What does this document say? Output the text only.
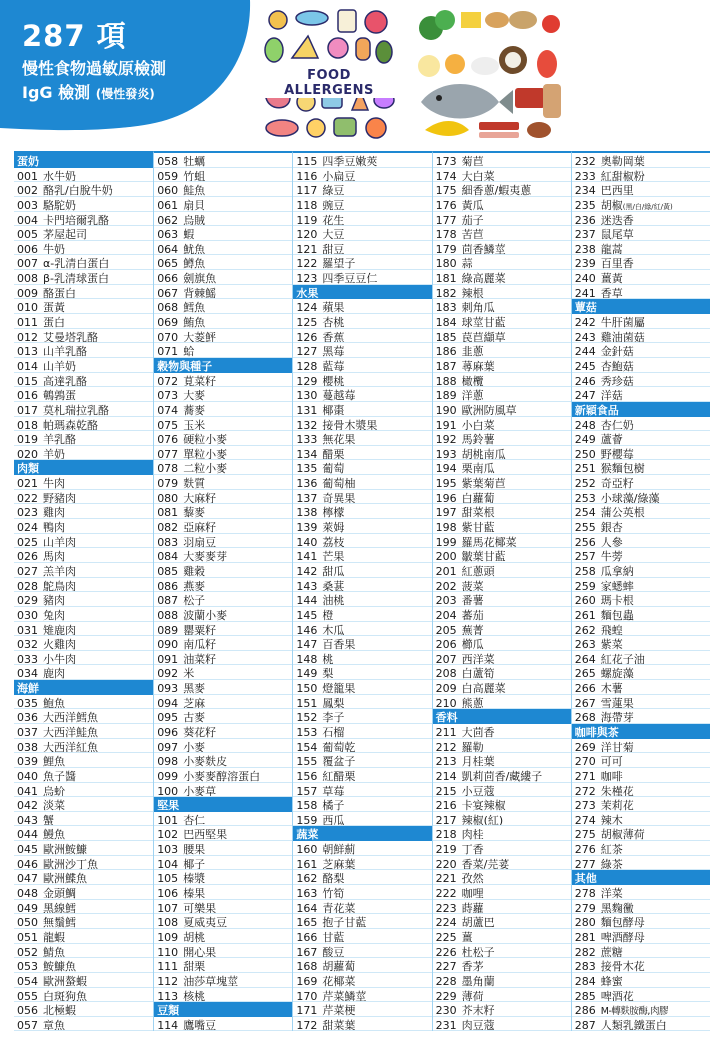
287 項
慢性食物過敏原檢測
IgG 檢測 (慢性發炎)
FOOD ALLERGENS
蛋奶
001 水牛奶
002 酪乳/白脫牛奶
003 駱駝奶
004 卡門培爾乳酪
005 茅屋起司
006 牛奶
007 α-乳清白蛋白
008 β-乳清球蛋白
009 酪蛋白
010 蛋黃
011 蛋白
012 艾曼塔乳酪
013 山羊乳酪
014 山羊奶
015 高達乳酪
016 鵪鶉蛋
017 莫札瑞拉乳酪
018 帕瑪森乾酪
019 羊乳酪
020 羊奶
肉類
021 牛肉
022 野豬肉
023 雞肉
024 鴨肉
025 山羊肉
026 馬肉
027 羔羊肉
028 鴕鳥肉
029 豬肉
030 兔肉
031 雉鹿肉
032 火雞肉
033 小牛肉
034 鹿肉
海鮮
035 鮑魚
036 大西洋鱈魚
037 大西洋鮭魚
038 大西洋紅魚
039 鯉魚
040 魚子醬
041 烏蚧
042 淡菜
043 蟹
044 鰻魚
045 歐洲鮟鱇
046 歐洲沙丁魚
047 歐洲鰈魚
048 金頭鯛
049 黑線鱈
050 無鬚鱈
051 龍蝦
052 鯖魚
053 鮟鱇魚
054 歐洲螯蝦
055 白斑狗魚
056 北極蝦
057 章魚
058 牡蠣
059 竹蛆
060 鮭魚
061 扇貝
062 烏賊
063 蝦
064 魷魚
065 鱒魚
066 劍旗魚
067 背棘鰩
068 鱈魚
069 鮪魚
070 大菱鮃
071 蛤
穀物與種子
072 莧菜籽
073 大麥
074 蕎麥
075 玉米
076 硬粒小麥
077 單粒小麥
078 二粒小麥
079 麩質
080 大麻籽
081 藜麥
082 亞麻籽
083 羽扇豆
084 大麥麥芽
085 雞穀
086 燕麥
087 松子
088 波蘭小麥
089 罌粟籽
090 南瓜籽
091 油菜籽
092 米
093 黑麥
094 芝麻
095 古麥
096 葵花籽
097 小麥
098 小麥麩皮
099 小麥麥醇溶蛋白
100 小麥草
堅果
101 杏仁
102 巴西堅果
103 腰果
104 椰子
105 榛漿
106 榛果
107 可樂果
108 夏威夷豆
109 胡桃
110 開心果
111 甜栗
112 油莎草塊莖
113 核桃
豆類
114 鷹嘴豆
115 四季豆嫩莢
116 小扁豆
117 綠豆
118 豌豆
119 花生
120 大豆
121 甜豆
122 羅望子
123 四季豆豆仁
水果
124 蘋果
125 杏桃
126 香蕉
127 黑莓
128 藍莓
129 櫻桃
130 蔓越莓
131 椰棗
132 接骨木漿果
133 無花果
134 醋栗
135 葡萄
136 葡萄柚
137 奇異果
138 檸檬
139 萊姆
140 荔枝
141 芒果
142 甜瓜
143 桑葚
144 油桃
145 橙
146 木瓜
147 百香果
148 桃
149 梨
150 燈籠果
151 鳳梨
152 李子
153 石榴
154 葡萄乾
155 覆盆子
156 紅醋栗
157 草莓
158 橘子
159 西瓜
蔬菜
160 朝鮮薊
161 芝麻葉
162 酪梨
163 竹筍
164 青花菜
165 抱子甘藍
166 甘藍
167 酸豆
168 胡蘿蔔
169 花椰菜
170 芹菜鱗莖
171 芹菜梗
172 甜菜葉
173 菊苣
174 大白菜
175 細香蔥/蝦夷蔥
176 黃瓜
177 茄子
178 苦苣
179 茴香鱗莖
180 蒜
181 綠高麗菜
182 辣根
183 刺角瓜
184 球莖甘藍
185 苠苣纈草
186 韭蔥
187 蕁麻葉
188 橄欖
189 洋蔥
190 歐洲防風草
191 小白菜
192 馬鈴薯
193 胡桃南瓜
194 栗南瓜
195 紫葉菊苣
196 白蘿蔔
197 甜菜根
198 紫甘藍
199 羅馬花椰菜
200 皺葉甘藍
201 紅蔥頭
202 菠菜
203 番薯
204 蕃茄
205 蕪菁
206 櫛瓜
207 西洋菜
208 白蘆筍
209 白高麗菜
210 熊蔥
香料
211 大茴香
212 羅勒
213 月桂葉
214 凱莉茴香/藏縷子
215 小豆蔻
216 卡宴辣椒
217 辣椒(紅)
218 肉桂
219 丁香
220 香菜/芫荽
221 孜然
222 咖哩
223 蒔蘿
224 胡蘆巴
225 薑
226 杜松子
227 香茅
228 墨角蘭
229 薄荷
230 芥末籽
231 肉豆蔻
232 奧勒岡葉
233 紅甜椒粉
234 巴西里
235 胡椒(黑/白/綠/紅/黃)
236 迷迭香
237 鼠尾草
238 龍蒿
239 百里香
240 薑黃
241 香草
蕈菇
242 牛肝菌屬
243 雞油菌菇
244 金針菇
245 杏鮑菇
246 秀珍菇
247 洋菇
新穎食品
248 杏仁奶
249 蘆薈
250 野櫻莓
251 猴麵包樹
252 奇亞籽
253 小球藻/綠藻
254 蒲公英根
255 銀杏
256 人參
257 牛蒡
258 瓜拿納
259 家蟋蟀
260 瑪卡根
261 麵包蟲
262 飛蝗
263 紫菜
264 紅花子油
265 螺旋藻
266 木薯
267 雪蓮果
268 海帶芽
咖啡與茶
269 洋甘菊
270 可可
271 咖啡
272 朱槿花
273 茉莉花
274 辣木
275 胡椒薄荷
276 紅茶
277 綠茶
其他
278 洋菜
279 黑麴黴
280 麵包酵母
281 啤酒酵母
282 蔗糖
283 接骨木花
284 蜂蜜
285 啤酒花
286 M-轉麩胺酶,肉膠
287 人類乳鐵蛋白
